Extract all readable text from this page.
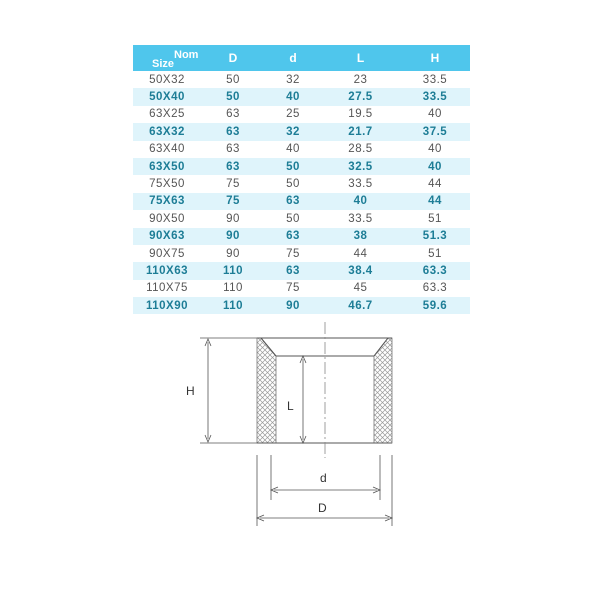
Nom
Size	D	d	L	H
50X32	50	32	23	33.5
50X40	50	40	27.5	33.5
63X25	63	25	19.5	40
63X32	63	32	21.7	37.5
63X40	63	40	28.5	40
63X50	63	50	32.5	40
75X50	75	50	33.5	44
75X63	75	63	40	44
90X50	90	50	33.5	51
90X63	90	63	38	51.3
90X75	90	75	44	51
110X63	110	63	38.4	63.3
110X75	110	75	45	63.3
110X90	110	90	46.7	59.6
H
L
d
D
